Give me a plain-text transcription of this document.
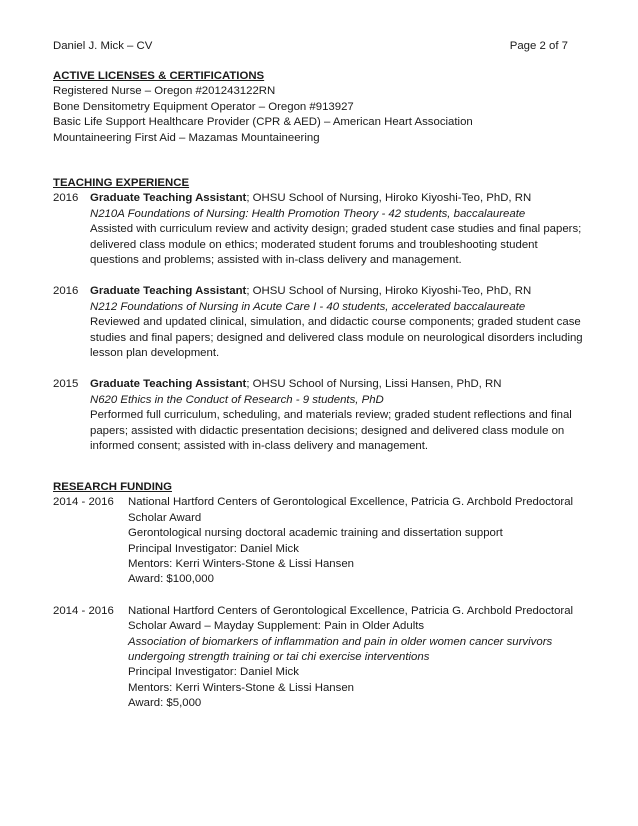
Daniel J. Mick – CV	Page 2 of 7
ACTIVE LICENSES & CERTIFICATIONS
Registered Nurse – Oregon #201243122RN
Bone Densitometry Equipment Operator – Oregon #913927
Basic Life Support Healthcare Provider (CPR & AED) – American Heart Association
Mountaineering First Aid – Mazamas Mountaineering
TEACHING EXPERIENCE
2016	Graduate Teaching Assistant; OHSU School of Nursing, Hiroko Kiyoshi-Teo, PhD, RN
N210A Foundations of Nursing: Health Promotion Theory - 42 students, baccalaureate
Assisted with curriculum review and activity design; graded student case studies and final papers;
delivered class module on ethics; moderated student forums and troubleshooting student
questions and problems; assisted with in-class delivery and management.
2016	Graduate Teaching Assistant; OHSU School of Nursing, Hiroko Kiyoshi-Teo, PhD, RN
N212 Foundations of Nursing in Acute Care I - 40 students, accelerated baccalaureate
Reviewed and updated clinical, simulation, and didactic course components; graded student case
studies and final papers; designed and delivered class module on neurological disorders including
lesson plan development.
2015	Graduate Teaching Assistant; OHSU School of Nursing, Lissi Hansen, PhD, RN
N620 Ethics in the Conduct of Research - 9 students, PhD
Performed full curriculum, scheduling, and materials review; graded student reflections and final
papers; assisted with didactic presentation decisions; designed and delivered class module on
informed consent; assisted with in-class delivery and management.
RESEARCH FUNDING
2014 - 2016	National Hartford Centers of Gerontological Excellence, Patricia G. Archbold Predoctoral
Scholar Award
Gerontological nursing doctoral academic training and dissertation support
Principal Investigator: Daniel Mick
Mentors: Kerri Winters-Stone & Lissi Hansen
Award: $100,000
2014 - 2016	National Hartford Centers of Gerontological Excellence, Patricia G. Archbold Predoctoral
Scholar Award – Mayday Supplement: Pain in Older Adults
Association of biomarkers of inflammation and pain in older women cancer survivors
undergoing strength training or tai chi exercise interventions
Principal Investigator: Daniel Mick
Mentors: Kerri Winters-Stone & Lissi Hansen
Award: $5,000
